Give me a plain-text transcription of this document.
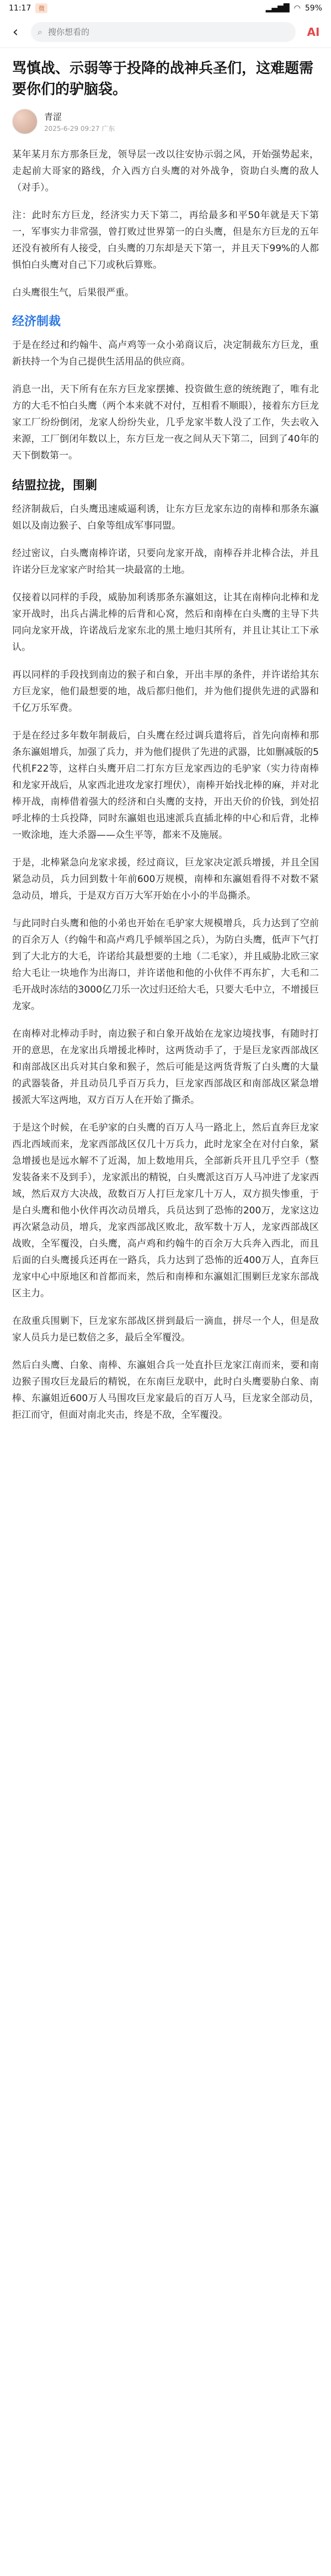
11:17	微	▂▄▆█ ◠ 59%
‹ ⌕
搜你想看的	AI
骂慎战、示弱等于投降的战神兵圣们，这难题需要你们的驴脑袋。
青涩
2025-6-29 09:27 广东

某年某月东方那条巨龙，领导层一改以往安协示弱之风，开始强势起来，走起前大哥家的路线，介入西方白头鹰的对外战争，资助白头鹰的敌人（对手）。

注：此时东方巨龙，经济实力天下第二，再给最多和平50年就是天下第一，军事实力非常强，曾打败过世界第一的白头鹰，但是东方巨龙的五年还没有被所有人接受，白头鹰的刀东却是天下第一，并且天下99%的人都惧怕白头鹰对自己下刀或秋后算账。

白头鹰很生气，后果很严重。

经济制裁

于是在经过和约翰牛、高卢鸡等一众小弟商议后，决定制裁东方巨龙，重新扶持一个为自己提供生活用品的供应商。

消息一出，天下所有在东方巨龙家摆摊、投资做生意的统统跑了，唯有北方的大毛不怕白头鹰（两个本来就不对付，互相看不顺眼），接着东方巨龙家工厂纷纷倒闭，龙家人纷纷失业，几乎龙家半数人没了工作，失去收入来源，工厂倒闭年数以上，东方巨龙一夜之间从天下第二，回到了40年的天下倒数第一。

结盟拉拢，围剿

经济制裁后，白头鹰迅速威逼利诱，让东方巨龙家东边的南棒和那条东瀛姐以及南边猴子、白象等组成军事同盟。

经过密议，白头鹰南棒许诺，只要向龙家开战，南棒吞并北棒合法，并且许诺分巨龙家家产时给其一块最富的土地。

仅接着以同样的手段，威胁加利诱那条东瀛姐这，让其在南棒向北棒和龙家开战时，出兵占满北棒的后背和心窝，然后和南棒在白头鹰的主导下共同向龙家开战，许诺战后龙家东北的黑土地归其所有，并且让其让工下承认。

再以同样的手段找到南边的猴子和白象，开出丰厚的条件，并许诺给其东方巨龙家，他们最想要的地，战后都归他们，并为他们提供先进的武器和千亿万乐军费。

于是在经过多年数年制裁后，白头鹰在经过调兵遣将后，首先向南棒和那条东瀛姐增兵，加强了兵力，并为他们提供了先进的武器，比如删减版的5代机F22等，这样白头鹰开启二打东方巨龙家西边的毛驴家（实力待南棒和龙家开战后，从家西北进攻龙家打埋伏），南棒开始找北棒的麻，并对北棒开战，南棒借着强大的经济和白头鹰的支持，开出天价的价钱，到处招呼北棒的士兵投降，同时东瀛姐也迅速派兵直插北棒的中心和后背，北棒一败涂地，连大杀器——众生平等，都来不及施展。

于是，北棒紧急向龙家求援，经过商议，巨龙家决定派兵增援，并且全国紧急动员，兵力回到数十年前600万规模，南棒和东瀛姐看得不对数不紧急动员，增兵，于是双方百万大军开始在小小的半岛撕杀。

与此同时白头鹰和他的小弟也开始在毛驴家大规模增兵，兵力达到了空前的百余万人（约翰牛和高卢鸡几乎倾举国之兵），为防白头鹰，低声下气打到了大北方的大毛，许诺给其最想要的土地（二毛家），并且威胁北欧三家给大毛让一块地作为出海口，并许诺他和他的小伙伴不再东扩，大毛和二毛开战时冻结的3000亿刀乐一次过归还给大毛，只要大毛中立，不增援巨龙家。

在南棒对北棒动手时，南边猴子和白象开战始在龙家边境找事，有随时打开的意思，在龙家出兵增援北棒时，这两货动手了，于是巨龙家西部战区和南部战区出兵对其白象和猴子，然后可能是这两货背叛了白头鹰的大量的武器装备，并且动员几乎百万兵力，巨龙家西部战区和南部战区紧急增援派大军这两地，双方百万人在开始了撕杀。

于是这个时候，在毛驴家的白头鹰的百万人马一路北上，然后直奔巨龙家西北西域而来，龙家西部战区仅几十万兵力，此时龙家全在对付白象，紧急增援也是远水解不了近渴，加上数地用兵，全部新兵开且几乎空手（整发装备来不及到手），龙家派出的精锐，白头鹰派这百万人马冲进了龙家西域，然后双方大决战，敌数百万人打巨龙家几十万人，双方损失惨重，于是白头鹰和他小伙伴再次动员增兵，兵员达到了恐怖的200万，龙家这边再次紧急动员，增兵，龙家西部战区败北，敌军数十万人，龙家西部战区战败，全军覆没，白头鹰，高卢鸡和约翰牛的百余万大兵奔入西北，而且后面的白头鹰援兵还再在一路兵，兵力达到了恐怖的近400万人，直奔巨龙家中心中原地区和首都而来，然后和南棒和东瀛姐汇围剿巨龙家东部战区主力。

在敌重兵围剿下，巨龙家东部战区拼到最后一滴血，拼尽一个人，但是敌家人员兵力是已数倍之多，最后全军覆没。

然后白头鹰、白象、南棒、东瀛姐合兵一处直扑巨龙家江南而来，要和南边猴子围攻巨龙最后的精锐，在东南巨龙联中，此时白头鹰要胁白象、南棒、东瀛姐近600万人马围攻巨龙家最后的百万人马，巨龙家全部动员，拒江而守，但面对南北夹击，终是不敌，全军覆没。
